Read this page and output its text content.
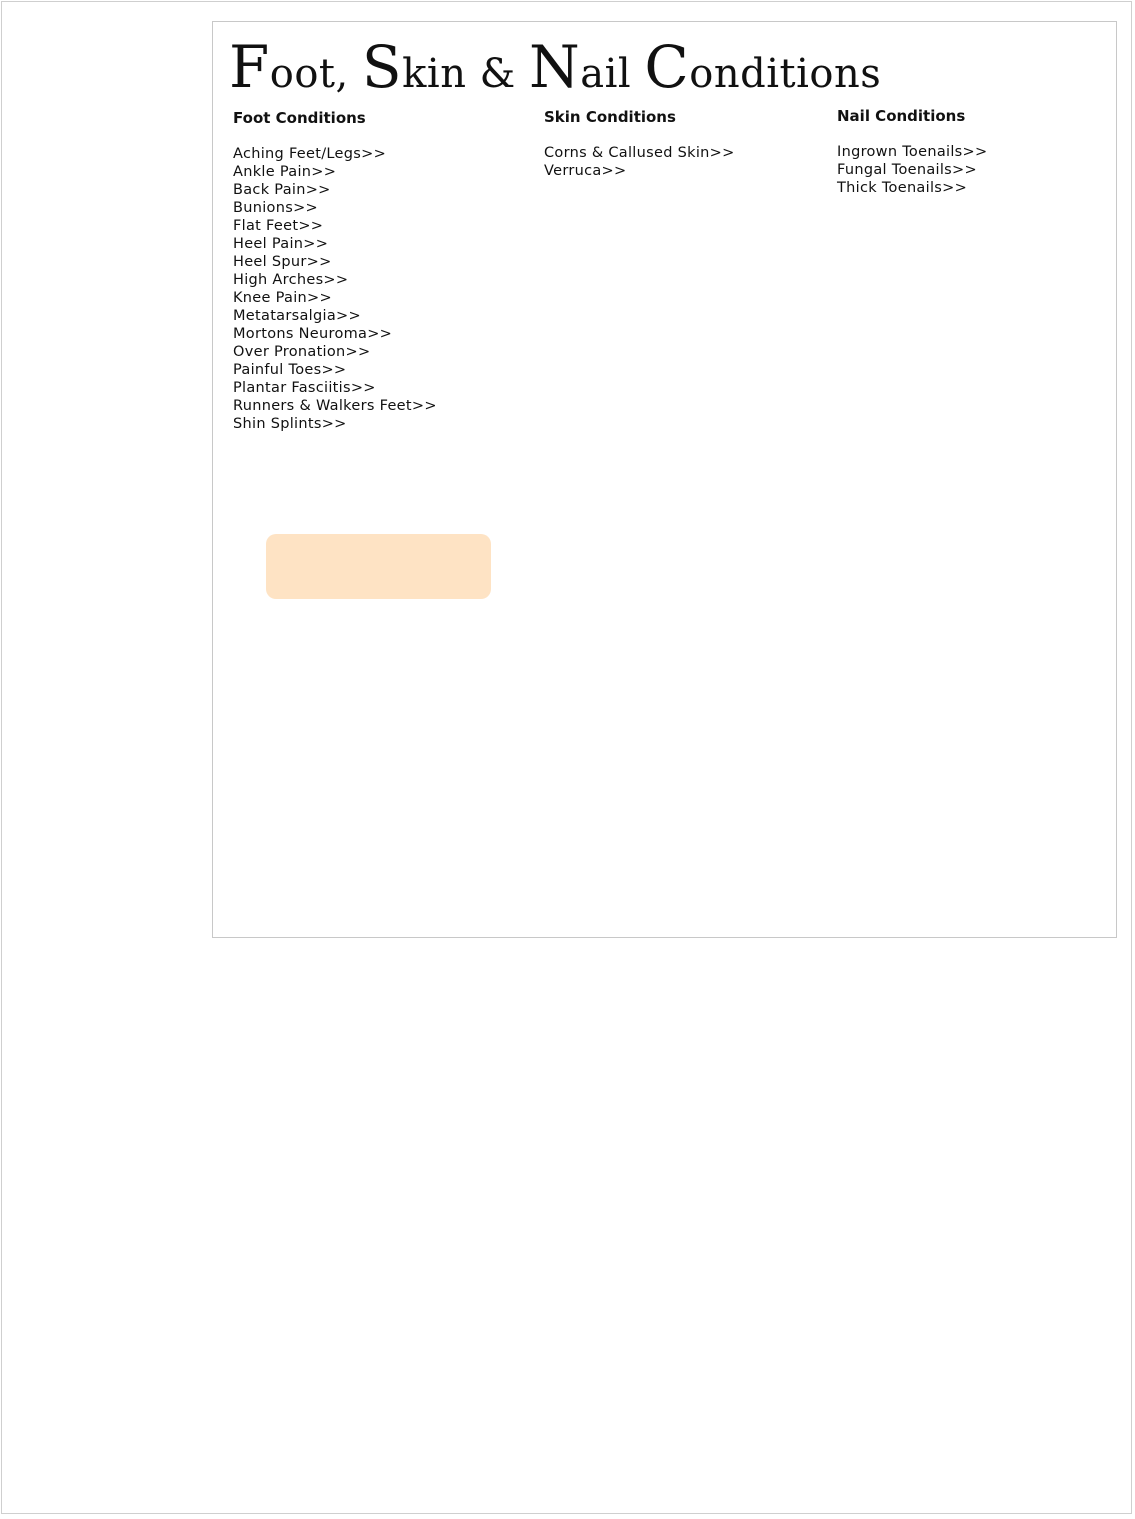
Foot, Skin & Nail Conditions
Foot Conditions
Aching Feet/Legs>>
Ankle Pain>>
Back Pain>>
Bunions>>
Flat Feet>>
Heel Pain>>
Heel Spur>>
High Arches>>
Knee Pain>>
Metatarsalgia>>
Mortons Neuroma>>
Over Pronation>>
Painful Toes>>
Plantar Fasciitis>>
Runners & Walkers Feet>>
Shin Splints>>
Skin Conditions
Corns & Callused Skin>>
Verruca>>
Nail Conditions
Ingrown Toenails>>
Fungal Toenails>>
Thick Toenails>>
